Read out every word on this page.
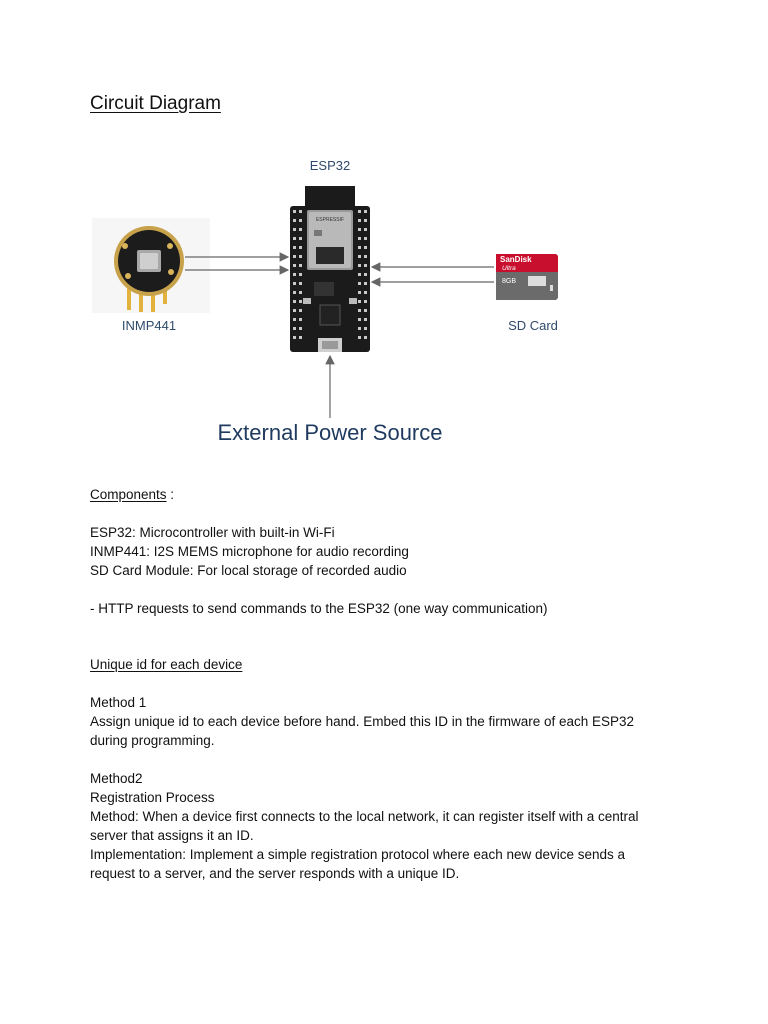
Circuit Diagram
ESP32
ESPRESSIF
INMP441
SanDisk
Ultra
8GB
SD Card
External Power Source
Components :
ESP32: Microcontroller with built-in Wi-Fi
INMP441: I2S MEMS microphone for audio recording
SD Card Module: For local storage of recorded audio
- HTTP requests to send commands to the ESP32 (one way communication)
Unique id for each device
Method 1
Assign unique id to each device before hand. Embed this ID in the firmware of each ESP32
during programming.
Method2
Registration Process
Method: When a device first connects to the local network, it can register itself with a central
server that assigns it an ID.
Implementation: Implement a simple registration protocol where each new device sends a
request to a server, and the server responds with a unique ID.
